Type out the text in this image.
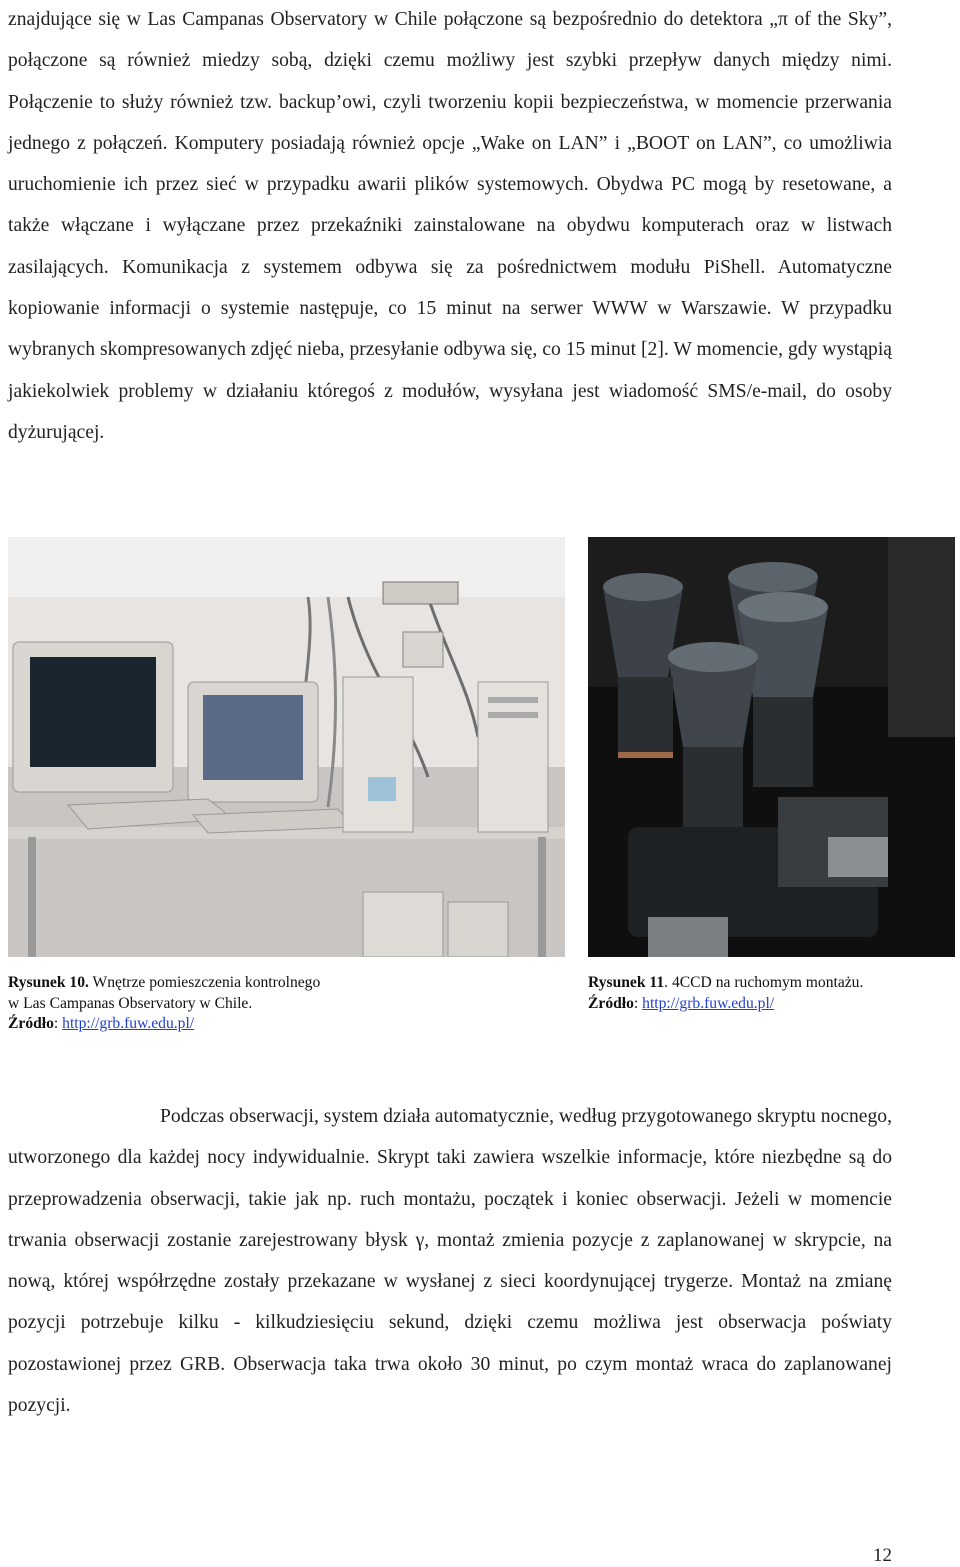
znajdujące się w Las Campanas Observatory w Chile połączone są bezpośrednio do detektora „π of the Sky”, połączone są również miedzy sobą, dzięki czemu możliwy jest szybki przepływ danych między nimi. Połączenie to służy również tzw. backup’owi, czyli tworzeniu kopii bezpieczeństwa, w momencie przerwania jednego z połączeń. Komputery posiadają również opcje „Wake on LAN” i „BOOT on LAN”, co umożliwia uruchomienie ich przez sieć w przypadku awarii plików systemowych. Obydwa PC mogą by resetowane, a także włączane i wyłączane przez przekaźniki zainstalowane na obydwu komputerach oraz w listwach zasilających. Komunikacja z systemem odbywa się za pośrednictwem modułu PiShell. Automatyczne kopiowanie informacji o systemie następuje, co 15 minut na serwer WWW w Warszawie. W przypadku wybranych skompresowanych zdjęć nieba, przesyłanie odbywa się, co 15 minut [2]. W momencie, gdy wystąpią jakiekolwiek problemy w działaniu któregoś z modułów, wysyłana jest wiadomość SMS/e-mail, do osoby dyżurującej.

Rysunek 10. Wnętrze pomieszczenia kontrolnego
w Las Campanas Observatory w Chile.
Źródło: http://grb.fuw.edu.pl/
Rysunek 11. 4CCD na ruchomym montażu.
Źródło: http://grb.fuw.edu.pl/

Podczas obserwacji, system działa automatycznie, według przygotowanego skryptu nocnego, utworzonego dla każdej nocy indywidualnie. Skrypt taki zawiera wszelkie informacje, które niezbędne są do przeprowadzenia obserwacji, takie jak np. ruch montażu, początek i koniec obserwacji. Jeżeli w momencie trwania obserwacji zostanie zarejestrowany błysk γ, montaż zmienia pozycje z zaplanowanej w skrypcie, na nową, której współrzędne zostały przekazane w wysłanej z sieci koordynującej trygerze. Montaż na zmianę pozycji potrzebuje kilku - kilkudziesięciu sekund, dzięki czemu możliwa jest obserwacja poświaty pozostawionej przez GRB. Obserwacja taka trwa około 30 minut, po czym montaż wraca do zaplanowanej pozycji.

12
